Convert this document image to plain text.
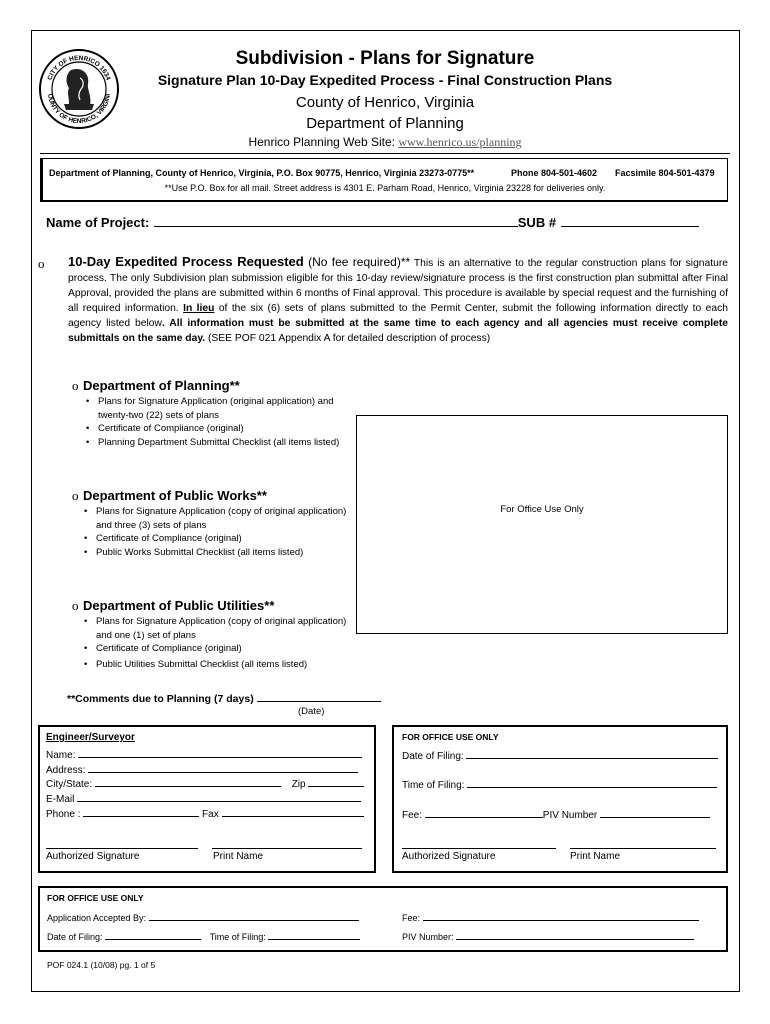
CITY OF HENRICO 1634
OUNTY OF HENRICO, VIRGINI
Subdivision - Plans for Signature
Signature Plan 10-Day Expedited Process - Final Construction Plans
County of Henrico, Virginia
Department of Planning
Henrico Planning Web Site: www.henrico.us/planning
Department of Planning, County of Henrico, Virginia, P.O. Box 90775, Henrico, Virginia 23273-0775**	Phone 804-501-4602 Facsimile 804-501-4379
**Use P.O. Box for all mail. Street address is 4301 E. Parham Road, Henrico, Virginia 23228 for deliveries only.
Name of Project:	SUB #
o 10-Day Expedited Process Requested (No fee required)** This is an alternative to the regular construction plans for signature process. The only Subdivision plan submission eligible for this 10-day review/signature process is the first construction plan submittal after Final Approval, provided the plans are submitted within 6 months of Final approval. This procedure is available by special request and the furnishing of all required information. In lieu of the six (6) sets of plans submitted to the Permit Center, submit the following information directly to each agency listed below. All information must be submitted at the same time to each agency and all agencies must receive complete submittals on the same day. (SEE POF 021 Appendix A for detailed description of process)
o Department of Planning**
• Plans for Signature Application (original application) and
twenty-two (22) sets of plans
• Certificate of Compliance (original)
• Planning Department Submittal Checklist (all items listed)
For Office Use Only
o Department of Public Works**
• Plans for Signature Application (copy of original application)
and three (3) sets of plans
• Certificate of Compliance (original)
• Public Works Submittal Checklist (all items listed)
o Department of Public Utilities**
• Plans for Signature Application (copy of original application)
and one (1) set of plans
• Certificate of Compliance (original)
• Public Utilities Submittal Checklist (all items listed)
**Comments due to Planning (7 days)
(Date)
Engineer/Surveyor
Name:
Address:
City/State:	Zip
E-Mail
Phone :	Fax
Authorized Signature	Print Name
FOR OFFICE USE ONLY
Date of Filing:
Time of Filing:
Fee:	PIV Number
Authorized Signature	Print Name
FOR OFFICE USE ONLY
Application Accepted By:
Date of Filing:	Time of Filing:
Fee:
PIV Number:
POF 024.1 (10/08) pg. 1 of 5
